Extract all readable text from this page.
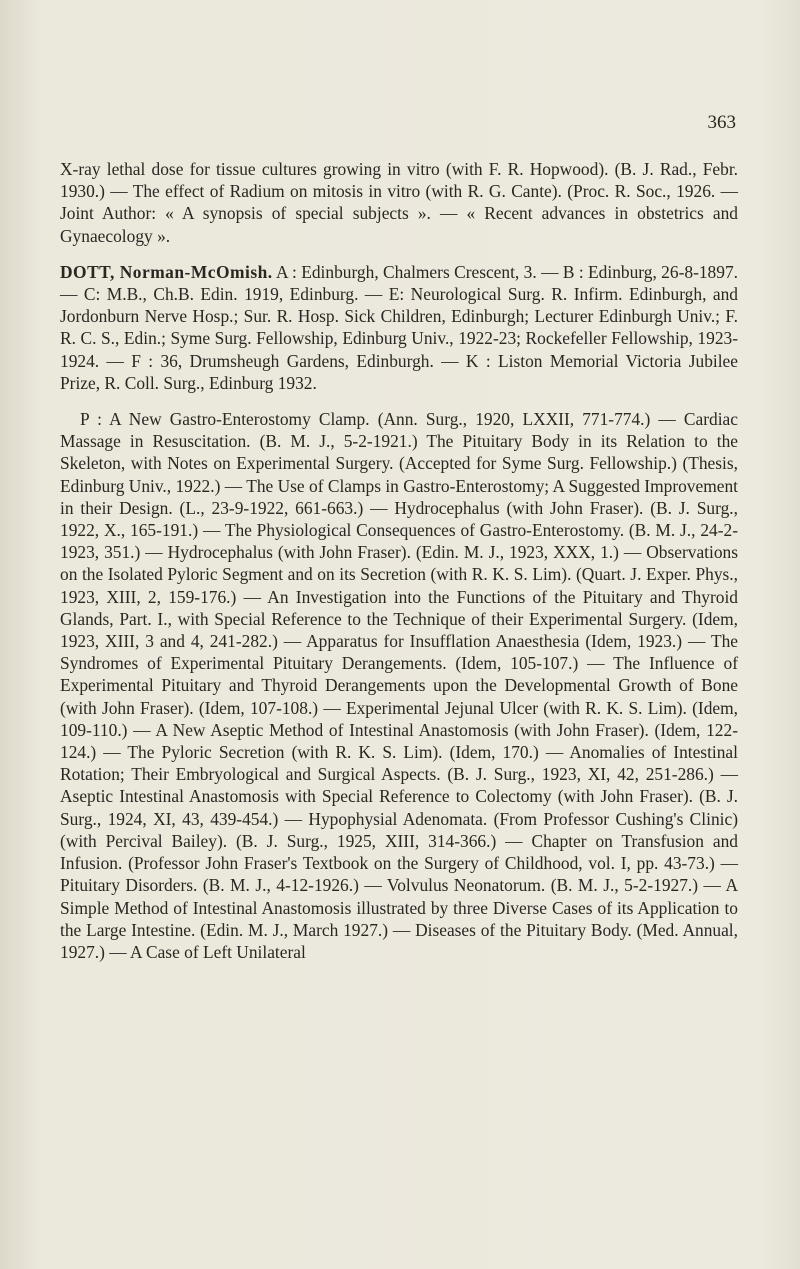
363

X-ray lethal dose for tissue cultures growing in vitro (with F. R. Hopwood). (B. J. Rad., Febr. 1930.) — The effect of Radium on mitosis in vitro (with R. G. Cante). (Proc. R. Soc., 1926. — Joint Author: « A synopsis of special subjects ». — « Recent advances in obstetrics and Gynaecology ».

DOTT, Norman-McOmish. A : Edinburgh, Chalmers Crescent, 3. — B : Edinburg, 26-8-1897. — C: M.B., Ch.B. Edin. 1919, Edinburg. — E: Neurological Surg. R. Infirm. Edinburgh, and Jordonburn Nerve Hosp.; Sur. R. Hosp. Sick Children, Edinburgh; Lecturer Edinburgh Univ.; F. R. C. S., Edin.; Syme Surg. Fellowship, Edinburg Univ., 1922-23; Rockefeller Fellowship, 1923-1924. — F : 36, Drumsheugh Gardens, Edinburgh. — K : Liston Memorial Victoria Jubilee Prize, R. Coll. Surg., Edinburg 1932.

P : A New Gastro-Enterostomy Clamp. (Ann. Surg., 1920, LXXII, 771-774.) — Cardiac Massage in Resuscitation. (B. M. J., 5-2-1921.) The Pituitary Body in its Relation to the Skeleton, with Notes on Experimental Surgery. (Accepted for Syme Surg. Fellowship.) (Thesis, Edinburg Univ., 1922.) — The Use of Clamps in Gastro-Enterostomy; A Suggested Improvement in their Design. (L., 23-9-1922, 661-663.) — Hydrocephalus (with John Fraser). (B. J. Surg., 1922, X., 165-191.) — The Physiological Consequences of Gastro-Enterostomy. (B. M. J., 24-2-1923, 351.) — Hydrocephalus (with John Fraser). (Edin. M. J., 1923, XXX, 1.) — Observations on the Isolated Pyloric Segment and on its Secretion (with R. K. S. Lim). (Quart. J. Exper. Phys., 1923, XIII, 2, 159-176.) — An Investigation into the Functions of the Pituitary and Thyroid Glands, Part. I., with Special Reference to the Technique of their Experimental Surgery. (Idem, 1923, XIII, 3 and 4, 241-282.) — Apparatus for Insufflation Anaesthesia (Idem, 1923.) — The Syndromes of Experimental Pituitary Derangements. (Idem, 105-107.) — The Influence of Experimental Pituitary and Thyroid Derangements upon the Developmental Growth of Bone (with John Fraser). (Idem, 107-108.) — Experimental Jejunal Ulcer (with R. K. S. Lim). (Idem, 109-110.) — A New Aseptic Method of Intestinal Anastomosis (with John Fraser). (Idem, 122-124.) — The Pyloric Secretion (with R. K. S. Lim). (Idem, 170.) — Anomalies of Intestinal Rotation; Their Embryological and Surgical Aspects. (B. J. Surg., 1923, XI, 42, 251-286.) — Aseptic Intestinal Anastomosis with Special Reference to Colectomy (with John Fraser). (B. J. Surg., 1924, XI, 43, 439-454.) — Hypophysial Adenomata. (From Professor Cushing's Clinic) (with Percival Bailey). (B. J. Surg., 1925, XIII, 314-366.) — Chapter on Transfusion and Infusion. (Professor John Fraser's Textbook on the Surgery of Childhood, vol. I, pp. 43-73.) — Pituitary Disorders. (B. M. J., 4-12-1926.) — Volvulus Neonatorum. (B. M. J., 5-2-1927.) — A Simple Method of Intestinal Anastomosis illustrated by three Diverse Cases of its Application to the Large Intestine. (Edin. M. J., March 1927.) — Diseases of the Pituitary Body. (Med. Annual, 1927.) — A Case of Left Unilateral
